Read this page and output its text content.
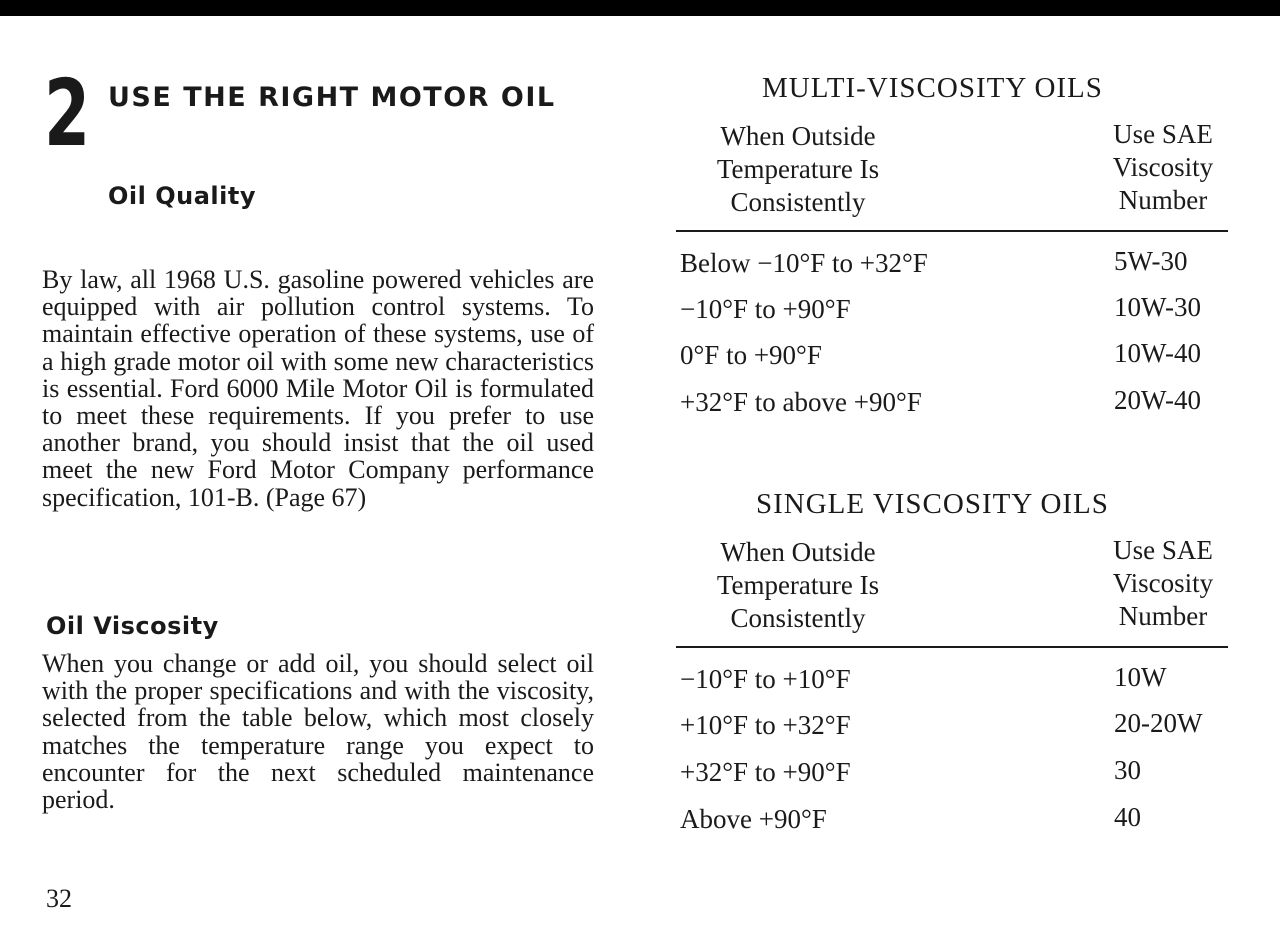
2 USE THE RIGHT MOTOR OIL
Oil Quality

By law, all 1968 U.S. gasoline powered vehicles are equipped with air pollution control systems. To maintain effective operation of these systems, use of a high grade motor oil with some new characteristics is essential. Ford 6000 Mile Motor Oil is formulated to meet these requirements. If you prefer to use another brand, you should insist that the oil used meet the new Ford Motor Company performance specification, 101-B. (Page 67)

Oil Viscosity

When you change or add oil, you should select oil with the proper specifications and with the viscosity, selected from the table below, which most closely matches the temperature range you expect to encounter for the next scheduled maintenance period.

32
MULTI-VISCOSITY OILS
When Outside
Temperature Is
Consistently
Use SAE
Viscosity
Number
Below −10°F to +32°F	5W-30
−10°F to +90°F	10W-30
0°F to +90°F	10W-40
+32°F to above +90°F	20W-40
SINGLE VISCOSITY OILS
When Outside
Temperature Is
Consistently
Use SAE
Viscosity
Number
−10°F to +10°F	10W
+10°F to +32°F	20-20W
+32°F to +90°F	30
Above +90°F	40
